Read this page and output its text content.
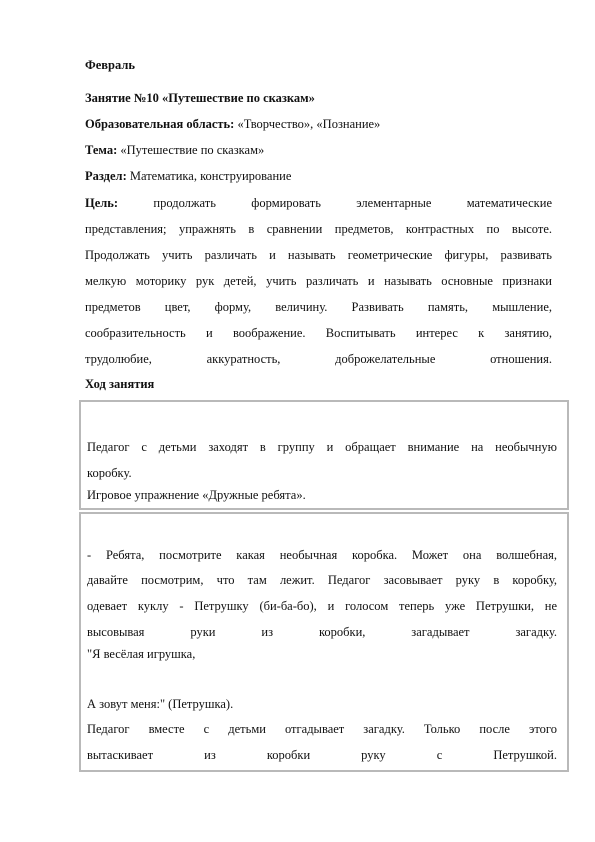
Февраль
Занятие №10 «Путешествие по сказкам»
Образовательная область: «Творчество», «Познание»
Тема: «Путешествие по сказкам»
Раздел: Математика, конструирование
Цель:	продолжать формировать элементарные математические
представления; упражнять в сравнении предметов, контрастных по высоте.
Продолжать учить различать и называть геометрические фигуры, развивать
мелкую моторику рук детей, учить различать и называть основные признаки
предметов цвет, форму, величину. Развивать память, мышление,
сообразительность и воображение. Воспитывать интерес к занятию,
трудолюбие, аккуратность, доброжелательные отношения.
Ход занятия
Педагог с детьми заходят в группу и обращает внимание на необычную
коробку.
Игровое упражнение «Дружные ребята».
- Ребята, посмотрите какая необычная коробка. Может она волшебная,
давайте посмотрим, что там лежит. Педагог засовывает руку в коробку,
одевает куклу - Петрушку (би-ба-бо), и голосом теперь уже Петрушки, не
высовывая руки из коробки, загадывает загадку.
"Я весёлая игрушка,
А зовут меня:" (Петрушка).
Педагог вместе с детьми отгадывает загадку. Только после этого
вытаскивает из коробки руку с Петрушкой.
